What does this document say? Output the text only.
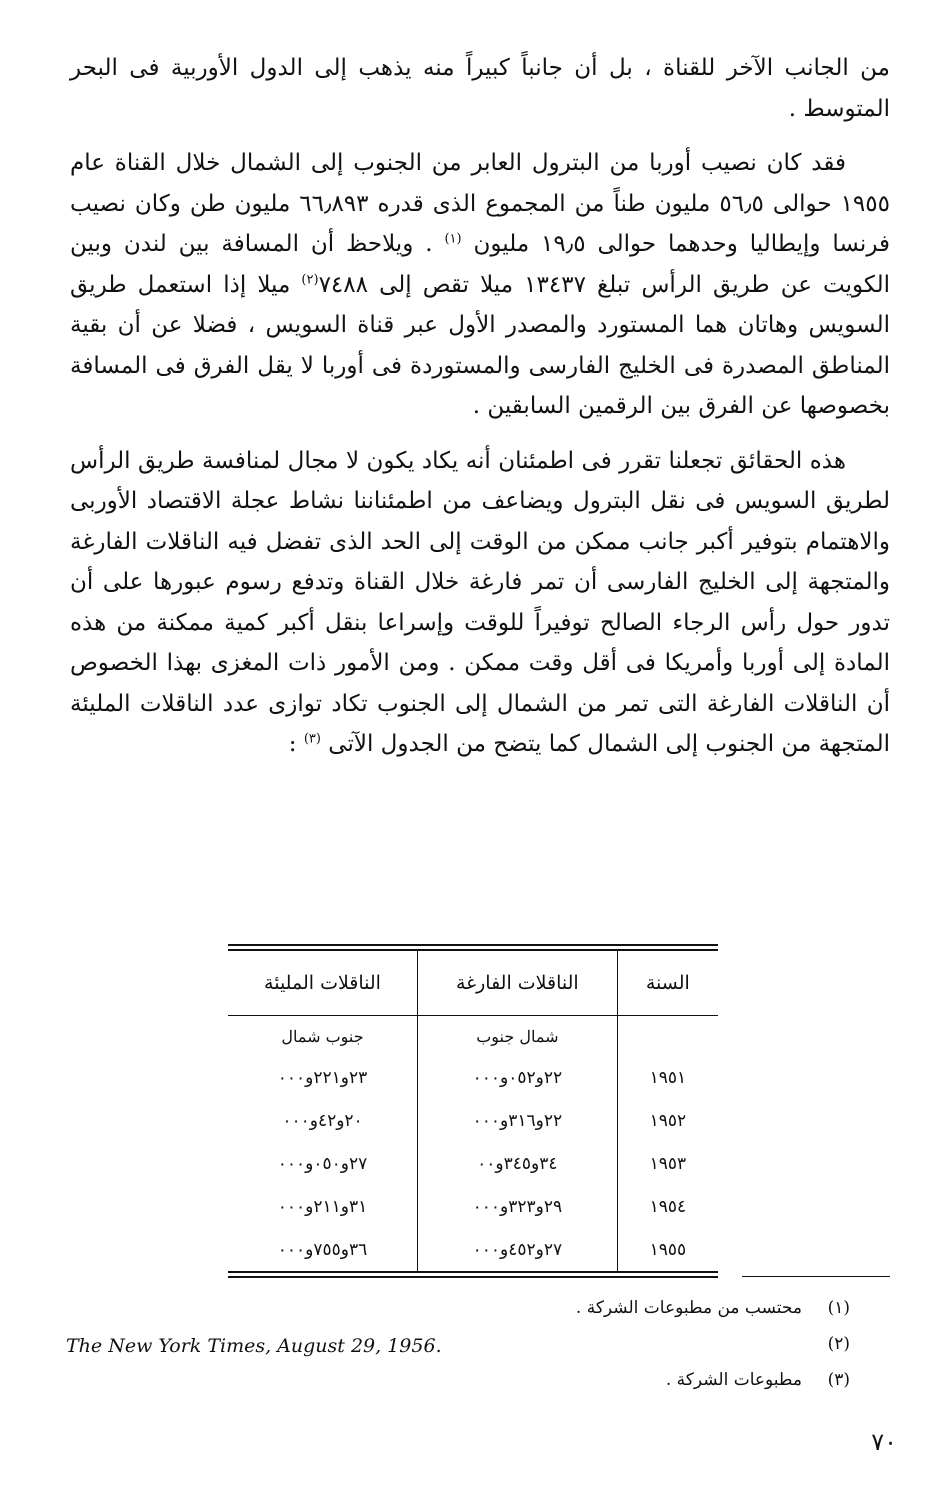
من الجانب الآخر للقناة ، بل أن جانباً كبيراً منه يذهب إلى الدول الأوربية فى البحر المتوسط .

فقد كان نصيب أوربا من البترول العابر من الجنوب إلى الشمال خلال القناة عام ١٩٥٥ حوالى ٥٦٫٥ مليون طناً من المجموع الذى قدره ٦٦٫٨٩٣ مليون طن وكان نصيب فرنسا وإيطاليا وحدهما حوالى ١٩٫٥ مليون $^{(١)}$ . ويلاحظ أن المسافة بين لندن وبين الكويت عن طريق الرأس تبلغ ١٣٤٣٧ ميلا تقص إلى ٧٤٨٨$^{(٢)}$ ميلا إذا استعمل طريق السويس وهاتان هما المستورد والمصدر الأول عبر قناة السويس ، فضلا عن أن بقية المناطق المصدرة فى الخليج الفارسى والمستوردة فى أوربا لا يقل الفرق فى المسافة بخصوصها عن الفرق بين الرقمين السابقين .

هذه الحقائق تجعلنا تقرر فى اطمئنان أنه يكاد يكون لا مجال لمنافسة طريق الرأس لطريق السويس فى نقل البترول ويضاعف من اطمئناننا نشاط عجلة الاقتصاد الأوربى والاهتمام بتوفير أكبر جانب ممكن من الوقت إلى الحد الذى تفضل فيه الناقلات الفارغة والمتجهة إلى الخليج الفارسى أن تمر فارغة خلال القناة وتدفع رسوم عبورها على أن تدور حول رأس الرجاء الصالح توفيراً للوقت وإسراعا بنقل أكبر كمية ممكنة من هذه المادة إلى أوربا وأمريكا فى أقل وقت ممكن . ومن الأمور ذات المغزى بهذا الخصوص أن الناقلات الفارغة التى تمر من الشمال إلى الجنوب تكاد توازى عدد الناقلات المليئة المتجهة من الجنوب إلى الشمال كما يتضح من الجدول الآتى $^{(٣)}$ :

السنة	الناقلات الفارغة	الناقلات المليئة
	شمال جنوب	جنوب شمال
١٩٥١	٢٢و٠٥٢و٠٠٠	٢٣و٢٢١و٠٠٠
١٩٥٢	٢٢و٣١٦و٠٠٠	٢٠و٤٢و٠٠٠
١٩٥٣	٣٤و٣٤٥و٠٠	٢٧و٠٥٠و٠٠٠
١٩٥٤	٢٩و٣٢٣و٠٠٠	٣١و٢١١و٠٠٠
١٩٥٥	٢٧و٤٥٢و٠٠٠	٣٦و٧٥٥و٠٠٠
(١)
محتسب من مطبوعات الشركة .
(٢)
The New York Times, August 29, 1956.
(٣)
مطبوعات الشركة .
٧٠
